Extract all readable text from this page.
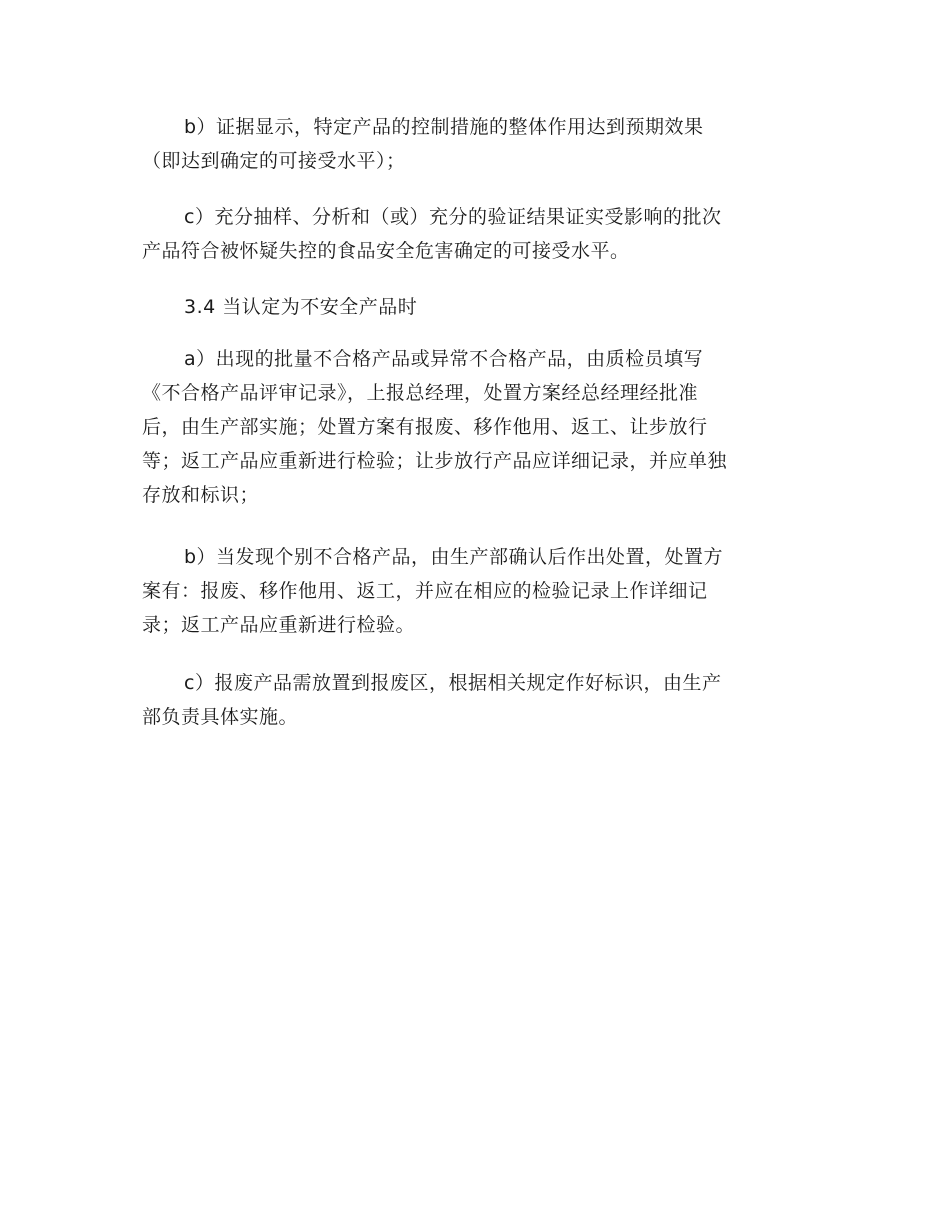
b）证据显示，特定产品的控制措施的整体作用达到预期效果
（即达到确定的可接受水平）；
c）充分抽样、分析和（或）充分的验证结果证实受影响的批次
产品符合被怀疑失控的食品安全危害确定的可接受水平。
3.4 当认定为不安全产品时
a）出现的批量不合格产品或异常不合格产品，由质检员填写
《不合格产品评审记录》，上报总经理，处置方案经总经理经批准
后，由生产部实施；处置方案有报废、移作他用、返工、让步放行
等；返工产品应重新进行检验；让步放行产品应详细记录，并应单独
存放和标识；
b）当发现个别不合格产品，由生产部确认后作出处置，处置方
案有：报废、移作他用、返工，并应在相应的检验记录上作详细记
录；返工产品应重新进行检验。
c）报废产品需放置到报废区，根据相关规定作好标识，由生产
部负责具体实施。
